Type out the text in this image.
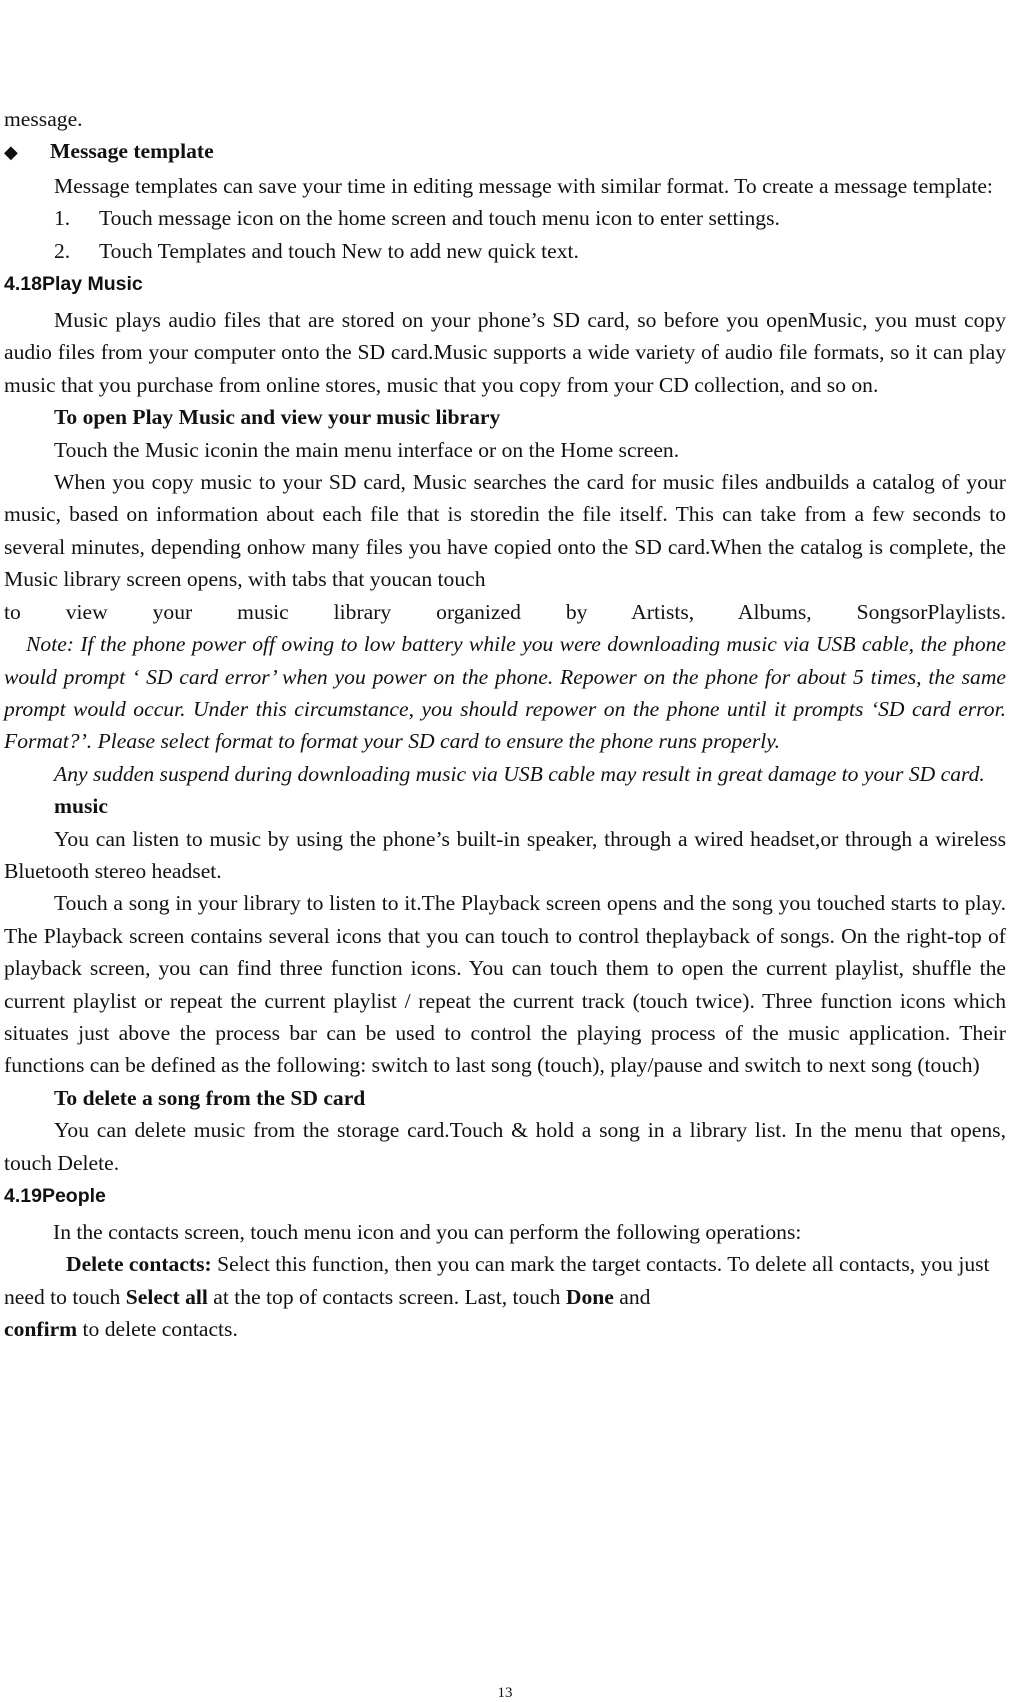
message.

◆	Message template

Message templates can save your time in editing message with similar format. To create a message template:

1.	Touch message icon on the home screen and touch menu icon to enter settings.
2.	Touch Templates and touch New to add new quick text.
4.18Play Music

Music plays audio files that are stored on your phone’s SD card, so before you openMusic, you must copy audio files from your computer onto the SD card.Music supports a wide variety of audio file formats, so it can play music that you purchase from online stores, music that you copy from your CD collection, and so on.

To open Play Music and view your music library

Touch the Music iconin the main menu interface or on the Home screen.

When you copy music to your SD card, Music searches the card for music files andbuilds a catalog of your music, based on information about each file that is storedin the file itself. This can take from a few seconds to several minutes, depending onhow many files you have copied onto the SD card.When the catalog is complete, the Music library screen opens, with tabs that youcan touch

to view your music library organized by Artists, Albums, SongsorPlaylists.

Note: If the phone power off owing to low battery while you were downloading music via USB cable, the phone would prompt ‘ SD card error’ when you power on the phone. Repower on the phone for about 5 times, the same prompt would occur. Under this circumstance, you should repower on the phone until it prompts ‘SD card error. Format?’. Please select format to format your SD card to ensure the phone runs properly.

Any sudden suspend during downloading music via USB cable may result in great damage to your SD card.

music

You can listen to music by using the phone’s built-in speaker, through a wired headset,or through a wireless Bluetooth stereo headset.

Touch a song in your library to listen to it.The Playback screen opens and the song you touched starts to play. The Playback screen contains several icons that you can touch to control theplayback of songs. On the right-top of playback screen, you can find three function icons. You can touch them to open the current playlist, shuffle the current playlist or repeat the current playlist / repeat the current track (touch twice). Three function icons which situates just above the process bar can be used to control the playing process of the music application. Their functions can be defined as the following: switch to last song (touch), play/pause and switch to next song (touch)

To delete a song from the SD card

You can delete music from the storage card.Touch & hold a song in a library list. In the menu that opens, touch Delete.

4.19People

In the contacts screen, touch menu icon and you can perform the following operations:

Delete contacts: Select this function, then you can mark the target contacts. To delete all contacts, you just need to touch Select all at the top of contacts screen. Last, touch Done and
confirm to delete contacts.

13
